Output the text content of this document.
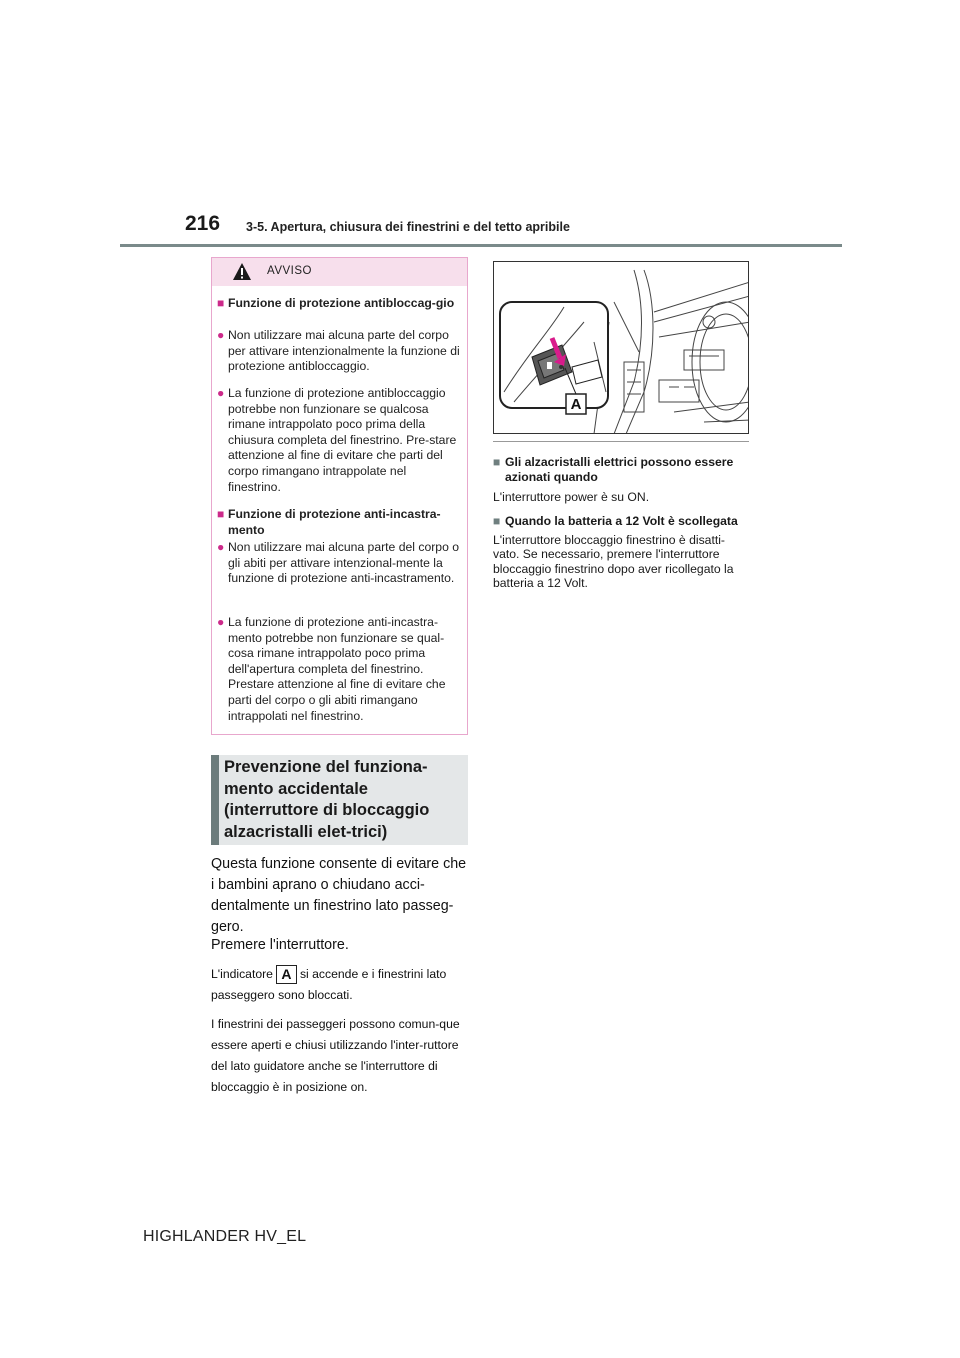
216 3-5. Apertura, chiusura dei finestrini e del tetto apribile
AVVISO
■ Funzione di protezione antibloccag-gio
● Non utilizzare mai alcuna parte del corpo per attivare intenzionalmente la funzione di protezione antibloccaggio.
● La funzione di protezione antibloccaggio potrebbe non funzionare se qualcosa rimane intrappolato poco prima della chiusura completa del finestrino. Pre-stare attenzione al fine di evitare che parti del corpo rimangano intrappolate nel finestrino.
■ Funzione di protezione anti-incastra-mento
● Non utilizzare mai alcuna parte del corpo o gli abiti per attivare intenzional-mente la funzione di protezione anti-incastramento.
● La funzione di protezione anti-incastra-mento potrebbe non funzionare se qual-cosa rimane intrappolato poco prima dell'apertura completa del finestrino. Prestare attenzione al fine di evitare che parti del corpo o gli abiti rimangano intrappolati nel finestrino.
Prevenzione del funziona-mento accidentale (interruttore di bloccaggio alzacristalli elet-trici)
Questa funzione consente di evitare che i bambini aprano o chiudano acci-dentalmente un finestrino lato passeg-gero.
Premere l'interruttore.
L'indicatore A si accende e i finestrini lato passeggero sono bloccati.
I finestrini dei passeggeri possono comun-que essere aperti e chiusi utilizzando l'inter-ruttore del lato guidatore anche se l'interruttore di bloccaggio è in posizione on.
A
■ Gli alzacristalli elettrici possono essere azionati quando
L'interruttore power è su ON.
■ Quando la batteria a 12 Volt è scollegata
L'interruttore bloccaggio finestrino è disatti-vato. Se necessario, premere l'interruttore bloccaggio finestrino dopo aver ricollegato la batteria a 12 Volt.
HIGHLANDER HV_EL
